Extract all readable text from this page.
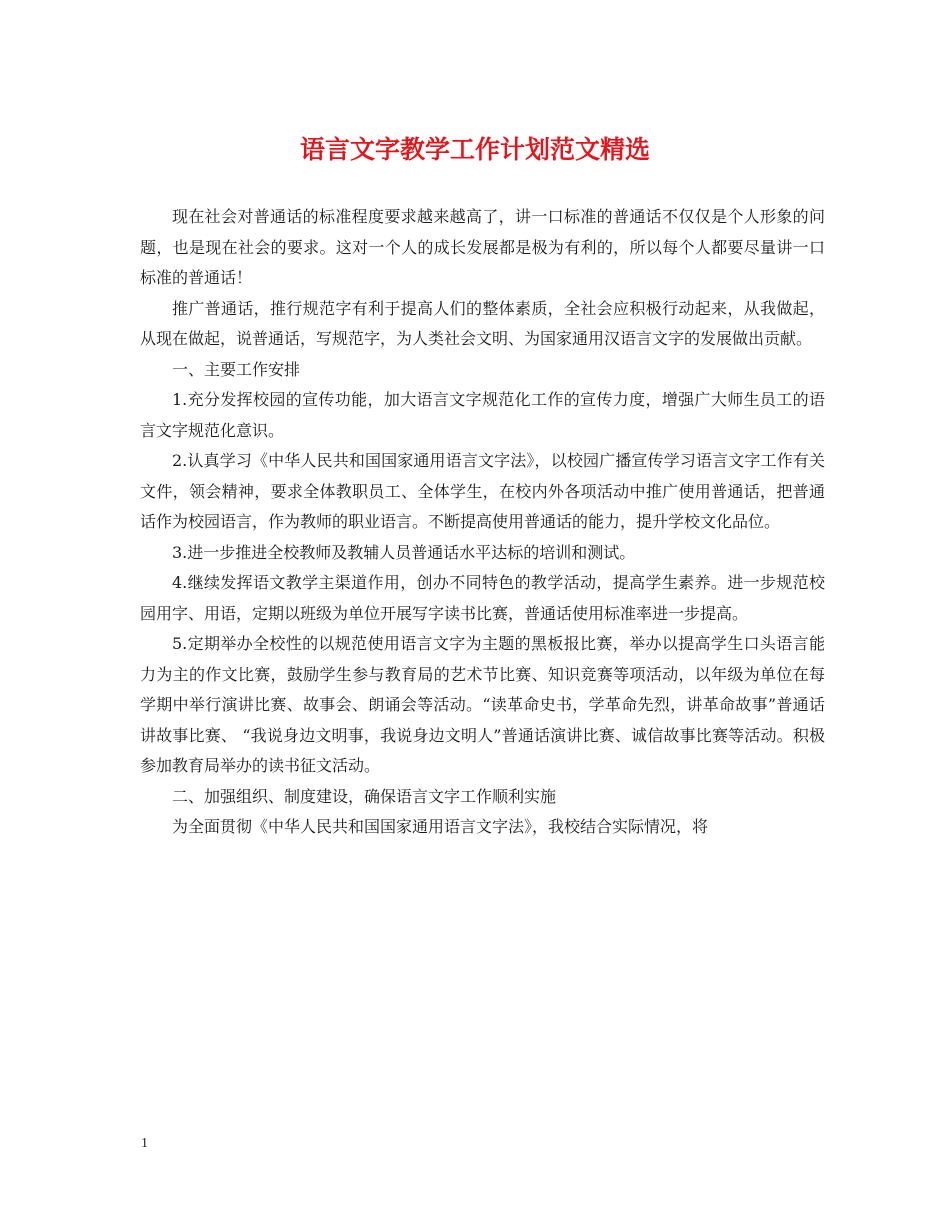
语言文字教学工作计划范文精选

现在社会对普通话的标准程度要求越来越高了，讲一口标准的普通话不仅仅是个人形象的问题，也是现在社会的要求。这对一个人的成长发展都是极为有利的，所以每个人都要尽量讲一口标准的普通话！

推广普通话，推行规范字有利于提高人们的整体素质，全社会应积极行动起来，从我做起，从现在做起，说普通话，写规范字，为人类社会文明、为国家通用汉语言文字的发展做出贡献。

一、主要工作安排

1.充分发挥校园的宣传功能，加大语言文字规范化工作的宣传力度，增强广大师生员工的语言文字规范化意识。

2.认真学习《中华人民共和国国家通用语言文字法》，以校园广播宣传学习语言文字工作有关文件，领会精神，要求全体教职员工、全体学生，在校内外各项活动中推广使用普通话，把普通话作为校园语言，作为教师的职业语言。不断提高使用普通话的能力，提升学校文化品位。

3.进一步推进全校教师及教辅人员普通话水平达标的培训和测试。

4.继续发挥语文教学主渠道作用，创办不同特色的教学活动，提高学生素养。进一步规范校园用字、用语，定期以班级为单位开展写字读书比赛，普通话使用标准率进一步提高。

5.定期举办全校性的以规范使用语言文字为主题的黑板报比赛，举办以提高学生口头语言能力为主的作文比赛，鼓励学生参与教育局的艺术节比赛、知识竞赛等项活动，以年级为单位在每学期中举行演讲比赛、故事会、朗诵会等活动。“读革命史书，学革命先烈，讲革命故事”普通话讲故事比赛、 “我说身边文明事，我说身边文明人”普通话演讲比赛、诚信故事比赛等活动。积极参加教育局举办的读书征文活动。

二、加强组织、制度建设，确保语言文字工作顺利实施

为全面贯彻《中华人民共和国国家通用语言文字法》，我校结合实际情况，将

1
